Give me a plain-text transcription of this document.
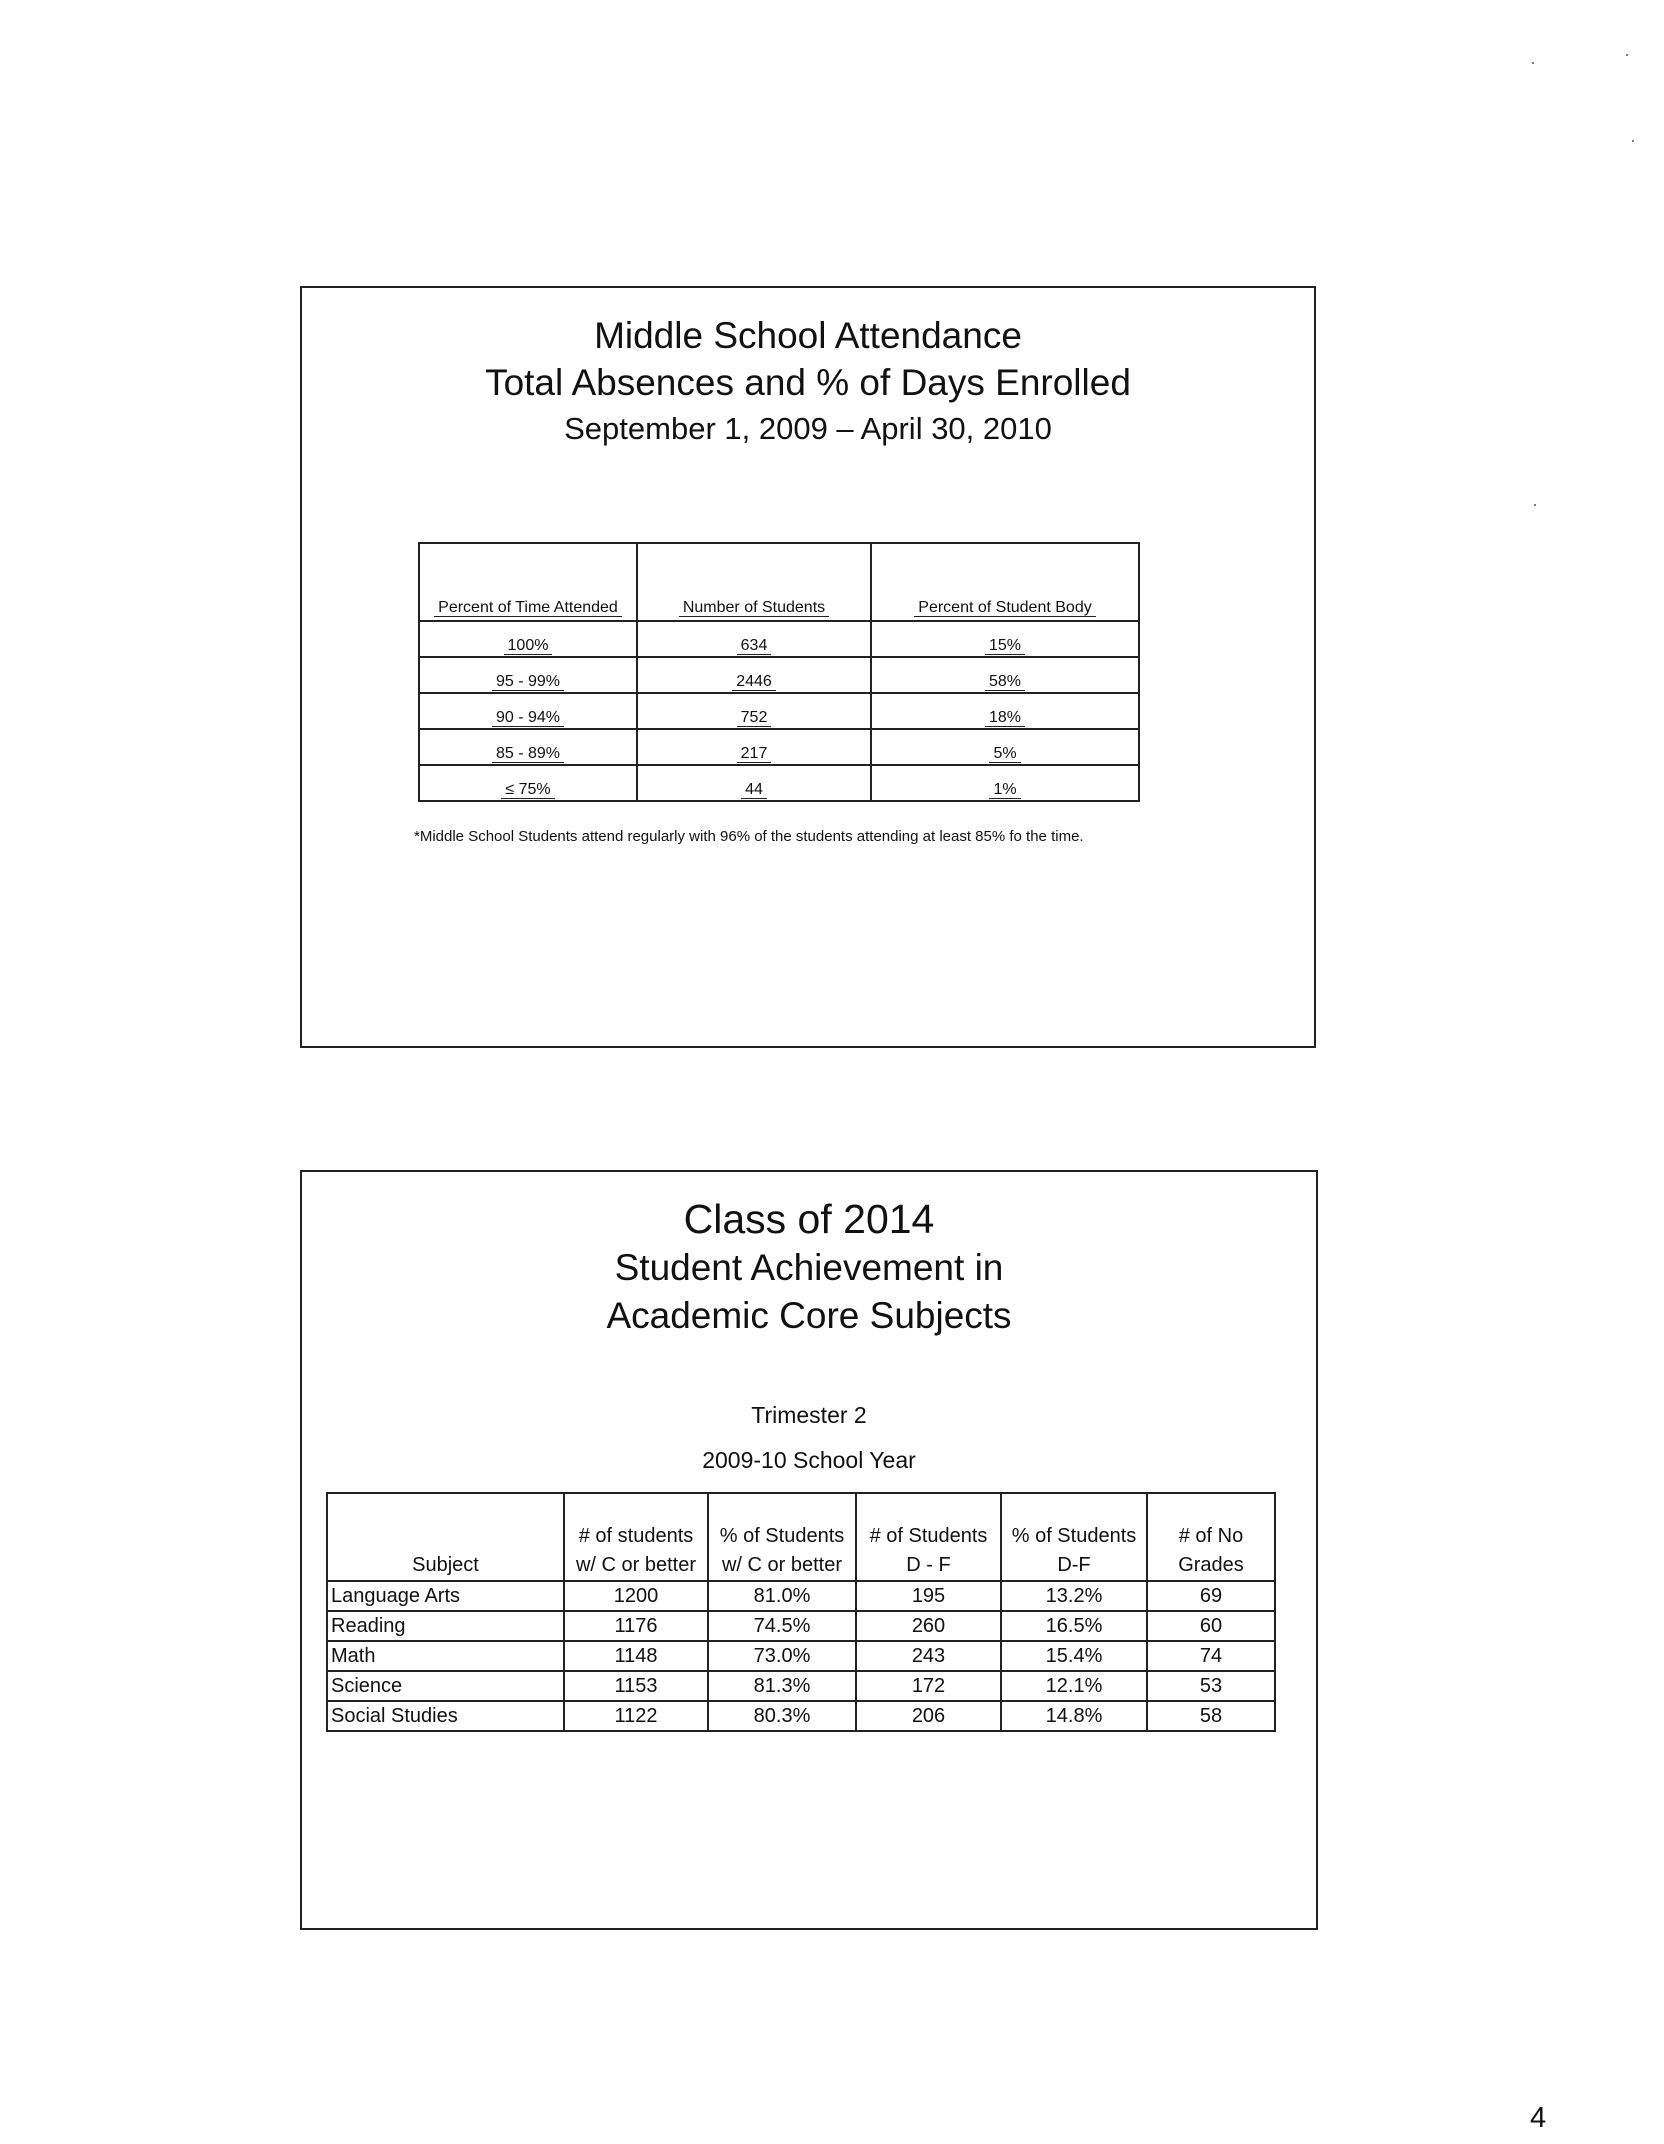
Middle School Attendance
Total Absences and % of Days Enrolled
September 1, 2009 – April 30, 2010
Percent of Time Attended	Number of Students	Percent of Student Body
100%	634	15%
95 - 99%	2446	58%
90 - 94%	752	18%
85 - 89%	217	5%
≤ 75%	44	1%
*Middle School Students attend regularly with 96% of the students attending at least 85% fo the time.
Class of 2014
Student Achievement in
Academic Core Subjects
Trimester 2
2009-10 School Year
Subject	# of students w/ C or better	% of Students w/ C or better	# of Students D - F	% of Students D-F	# of No Grades
Language Arts	1200	81.0%	195	13.2%	69
Reading	1176	74.5%	260	16.5%	60
Math	1148	73.0%	243	15.4%	74
Science	1153	81.3%	172	12.1%	53
Social Studies	1122	80.3%	206	14.8%	58
4
